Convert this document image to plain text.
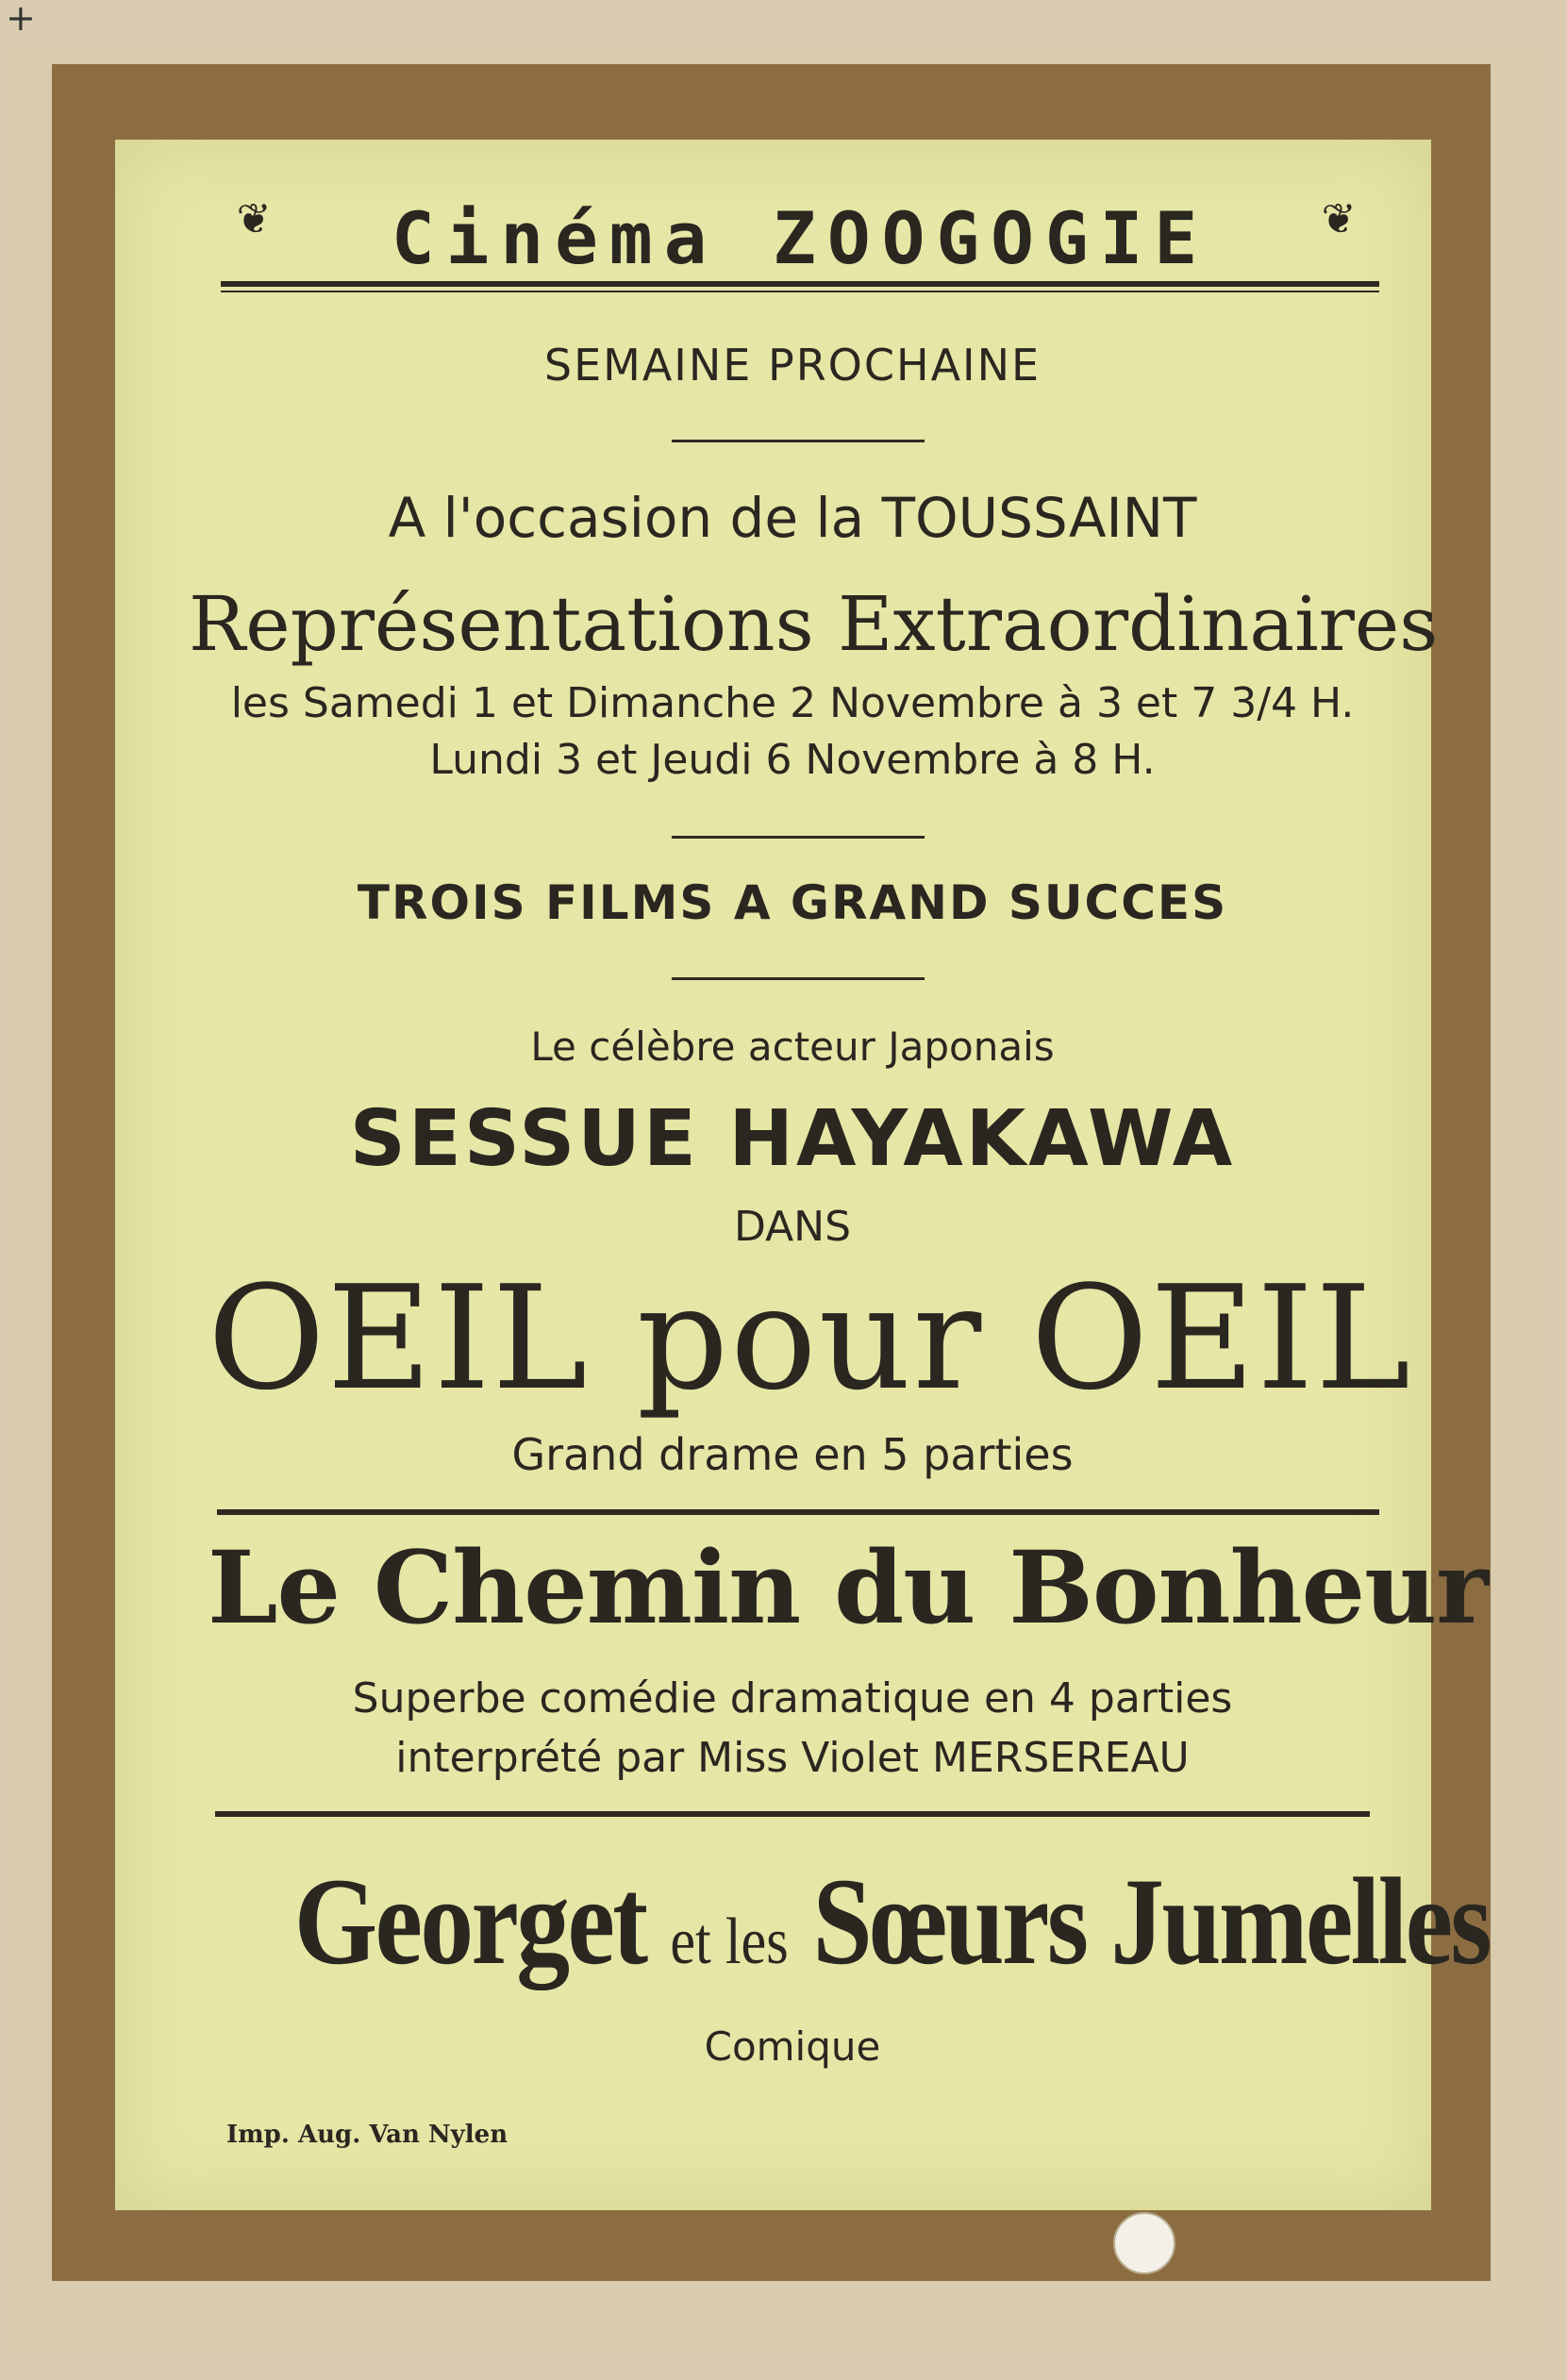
+
❦	❦
Cinéma ZOOGOGIE
SEMAINE PROCHAINE
A l'occasion de la TOUSSAINT
Représentations Extraordinaires
les Samedi 1 et Dimanche 2 Novembre à 3 et 7 3/4 H.
Lundi 3 et Jeudi 6 Novembre à 8 H.
TROIS FILMS A GRAND SUCCES
Le célèbre acteur Japonais
SESSUE HAYAKAWA
DANS
OEIL pour OEIL
Grand drame en 5 parties
Le Chemin du Bonheur
Superbe comédie dramatique en 4 parties
interprété par Miss Violet MERSEREAU
Georget et les Sœurs Jumelles
Comique
Imp. Aug. Van Nylen
